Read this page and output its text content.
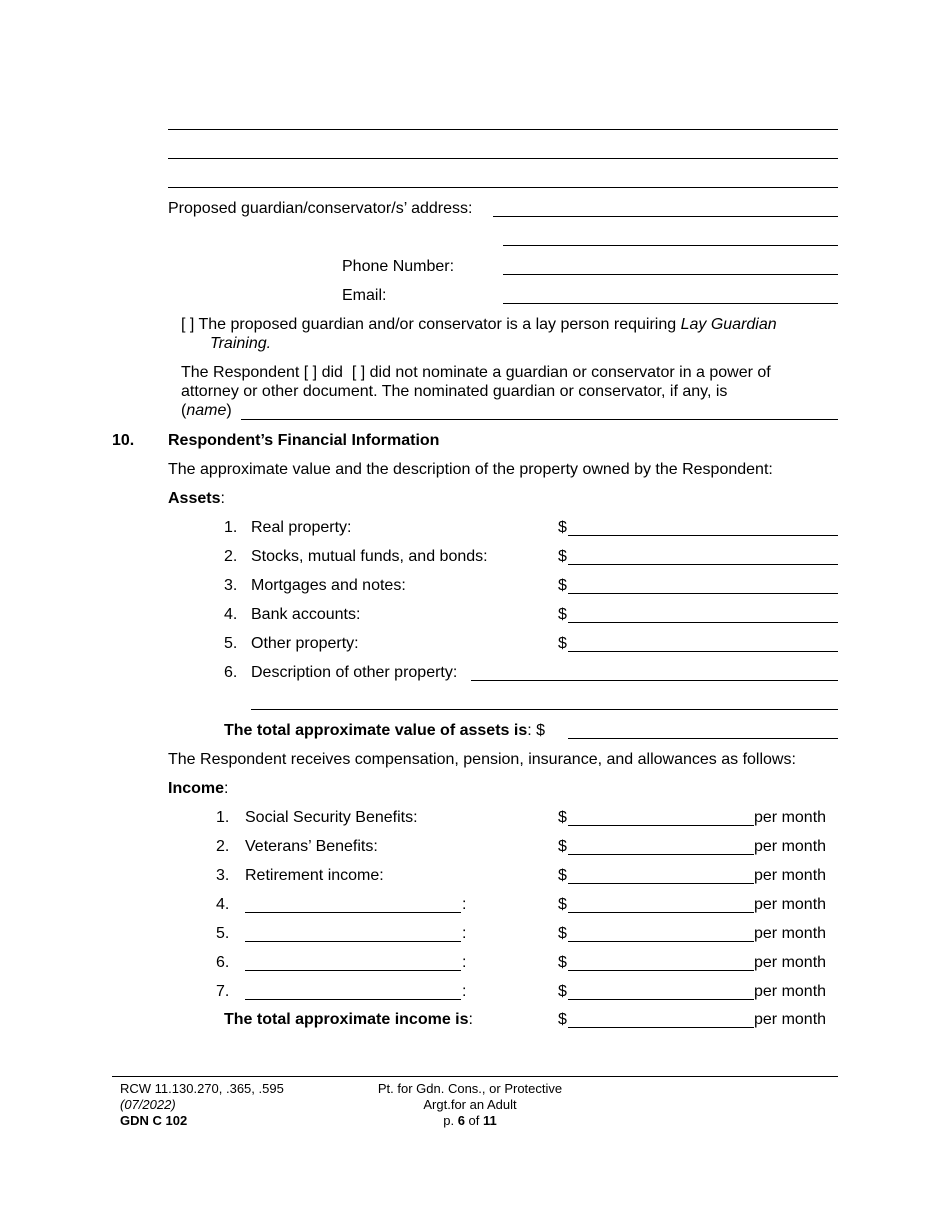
Proposed guardian/conservator/s’ address:
Phone Number:
Email:
[ ] The proposed guardian and/or conservator is a lay person requiring Lay Guardian
Training.
The Respondent [ ] did [ ] did not nominate a guardian or conservator in a power of
attorney or other document. The nominated guardian or conservator, if any, is
(name)
10. Respondent’s Financial Information
The approximate value and the description of the property owned by the Respondent:
Assets:
1. Real property:	$
2. Stocks, mutual funds, and bonds:	$
3. Mortgages and notes:	$
4. Bank accounts:	$
5. Other property:	$
6. Description of other property:
The total approximate value of assets is: $
The Respondent receives compensation, pension, insurance, and allowances as follows:
Income:
1. Social Security Benefits:	$	per month
2. Veterans’ Benefits:	$	per month
3. Retirement income:	$	per month
4.	:	$	per month
5.	:	$	per month
6.	:	$	per month
7.	:	$	per month
The total approximate income is:	$	per month
RCW 11.130.270, .365, .595
(07/2022)
GDN C 102
Pt. for Gdn. Cons., or Protective
Argt.for an Adult
p. 6 of 11
